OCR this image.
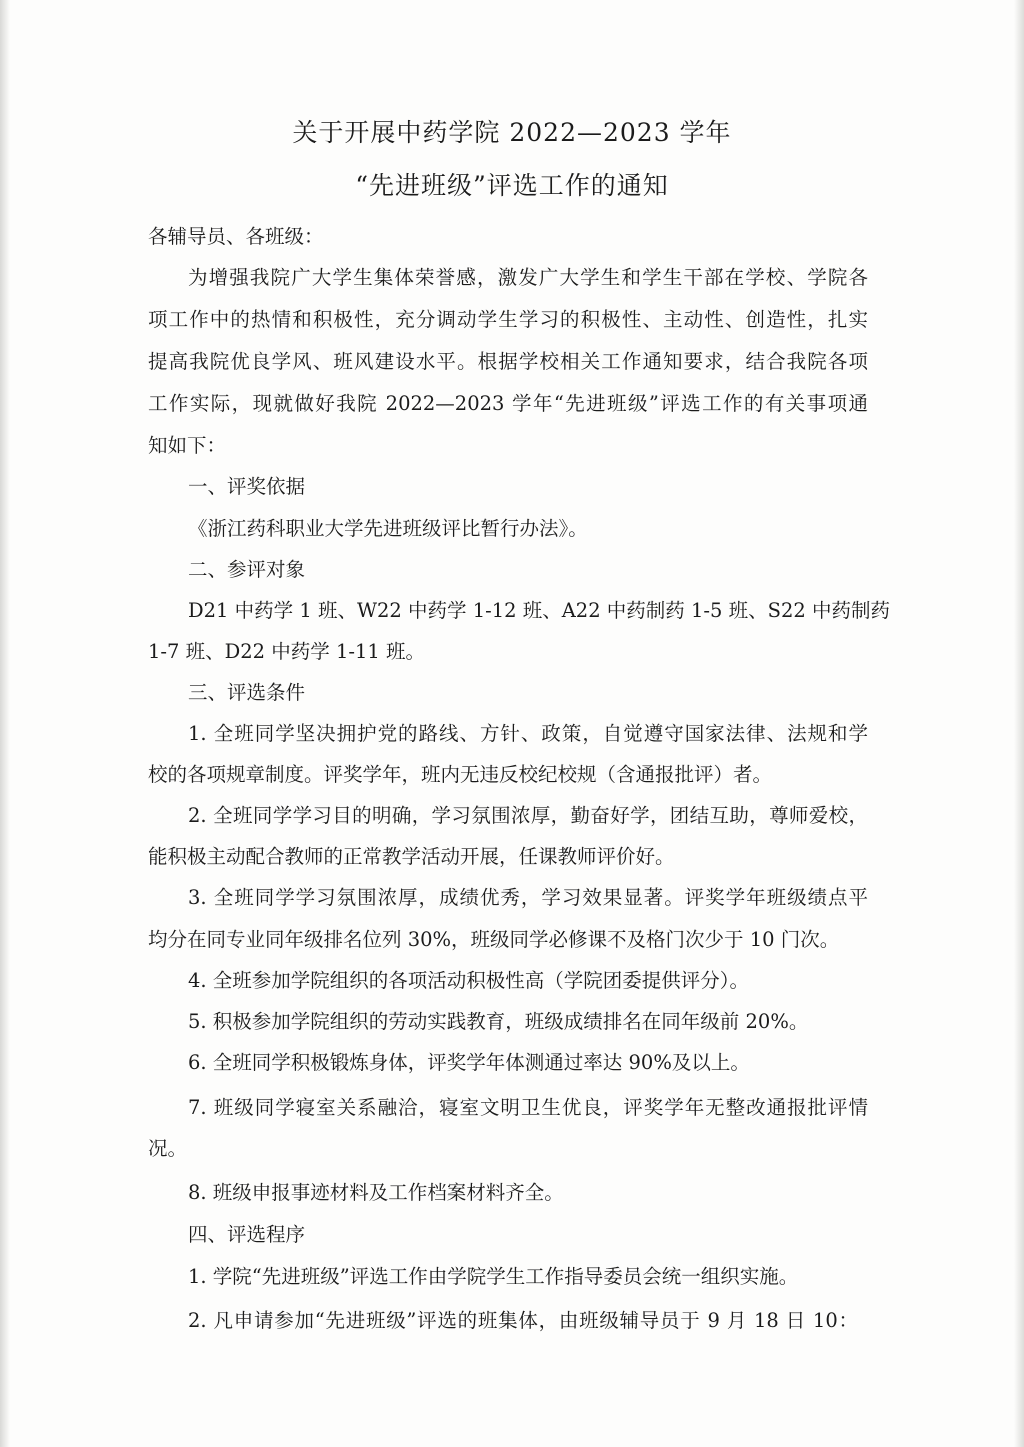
关于开展中药学院 2022—2023 学年
“先进班级”评选工作的通知
各辅导员、各班级：
为增强我院广大学生集体荣誉感，激发广大学生和学生干部在学校、学院各
项工作中的热情和积极性，充分调动学生学习的积极性、主动性、创造性，扎实
提高我院优良学风、班风建设水平。根据学校相关工作通知要求，结合我院各项
工作实际，现就做好我院 2022—2023 学年“先进班级”评选工作的有关事项通
知如下：
一、评奖依据
《浙江药科职业大学先进班级评比暂行办法》。
二、参评对象
D21 中药学 1 班、W22 中药学 1-12 班、A22 中药制药 1-5 班、S22 中药制药
1-7 班、D22 中药学 1-11 班。
三、评选条件
1. 全班同学坚决拥护党的路线、方针、政策，自觉遵守国家法律、法规和学
校的各项规章制度。评奖学年，班内无违反校纪校规（含通报批评）者。
2. 全班同学学习目的明确，学习氛围浓厚，勤奋好学，团结互助，尊师爱校，
能积极主动配合教师的正常教学活动开展，任课教师评价好。
3. 全班同学学习氛围浓厚，成绩优秀，学习效果显著。评奖学年班级绩点平
均分在同专业同年级排名位列 30%，班级同学必修课不及格门次少于 10 门次。
4. 全班参加学院组织的各项活动积极性高（学院团委提供评分）。
5. 积极参加学院组织的劳动实践教育，班级成绩排名在同年级前 20%。
6. 全班同学积极锻炼身体，评奖学年体测通过率达 90%及以上。
7. 班级同学寝室关系融洽，寝室文明卫生优良，评奖学年无整改通报批评情
况。
8. 班级申报事迹材料及工作档案材料齐全。
四、评选程序
1. 学院“先进班级”评选工作由学院学生工作指导委员会统一组织实施。
2. 凡申请参加“先进班级”评选的班集体，由班级辅导员于 9 月 18 日 10：
